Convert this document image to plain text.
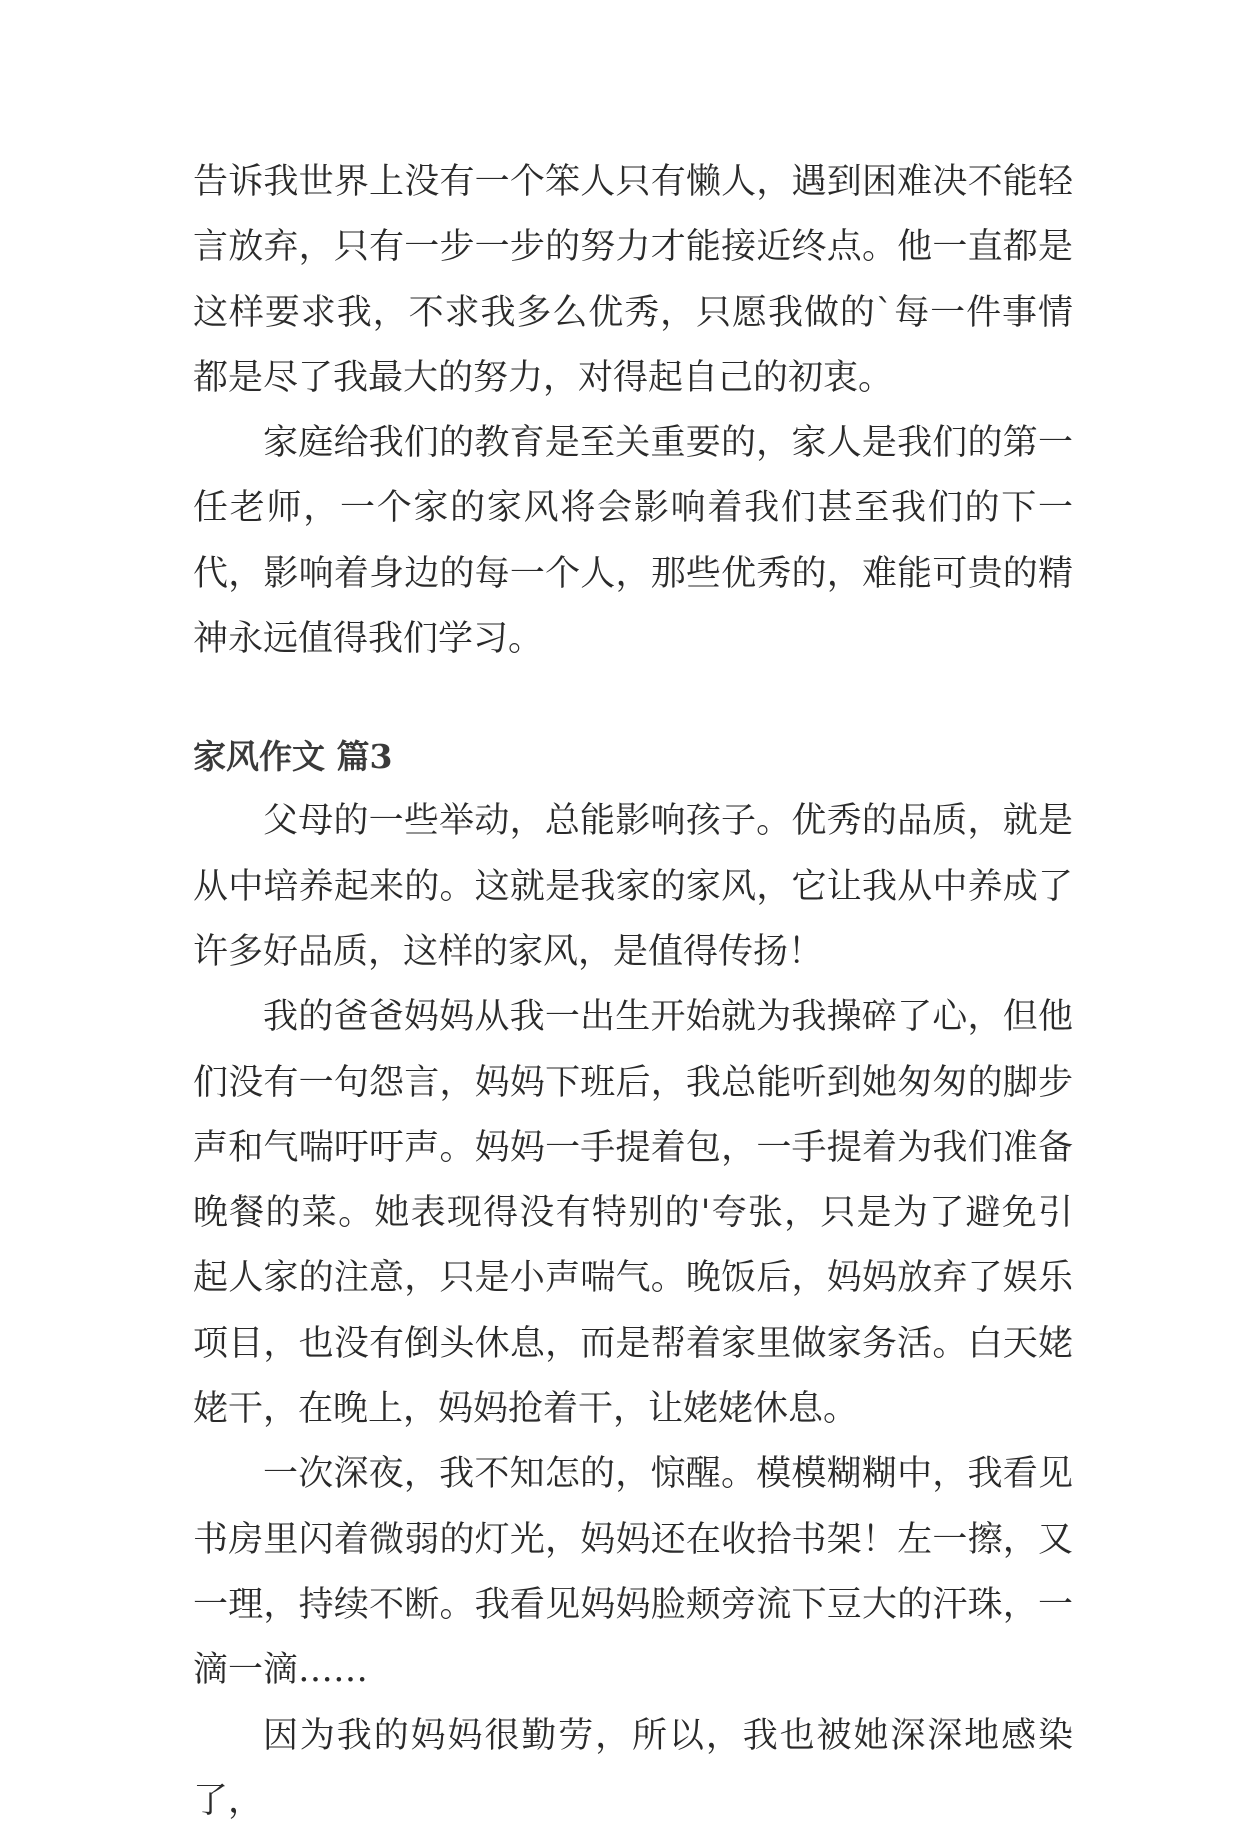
告诉我世界上没有一个笨人只有懒人，遇到困难决不能轻言放弃，只有一步一步的努力才能接近终点。他一直都是这样要求我，不求我多么优秀，只愿我做的`每一件事情都是尽了我最大的努力，对得起自己的初衷。

家庭给我们的教育是至关重要的，家人是我们的第一任老师，一个家的家风将会影响着我们甚至我们的下一代，影响着身边的每一个人，那些优秀的，难能可贵的精神永远值得我们学习。

家风作文 篇3

父母的一些举动，总能影响孩子。优秀的品质，就是从中培养起来的。这就是我家的家风，它让我从中养成了许多好品质，这样的家风，是值得传扬！

我的爸爸妈妈从我一出生开始就为我操碎了心，但他们没有一句怨言，妈妈下班后，我总能听到她匆匆的脚步声和气喘吁吁声。妈妈一手提着包，一手提着为我们准备晚餐的菜。她表现得没有特别的'夸张，只是为了避免引起人家的注意，只是小声喘气。晚饭后，妈妈放弃了娱乐项目，也没有倒头休息，而是帮着家里做家务活。白天姥姥干，在晚上，妈妈抢着干，让姥姥休息。

一次深夜，我不知怎的，惊醒。模模糊糊中，我看见书房里闪着微弱的灯光，妈妈还在收拾书架！左一擦，又一理，持续不断。我看见妈妈脸颊旁流下豆大的汗珠，一滴一滴……

因为我的妈妈很勤劳，所以，我也被她深深地感染了，
